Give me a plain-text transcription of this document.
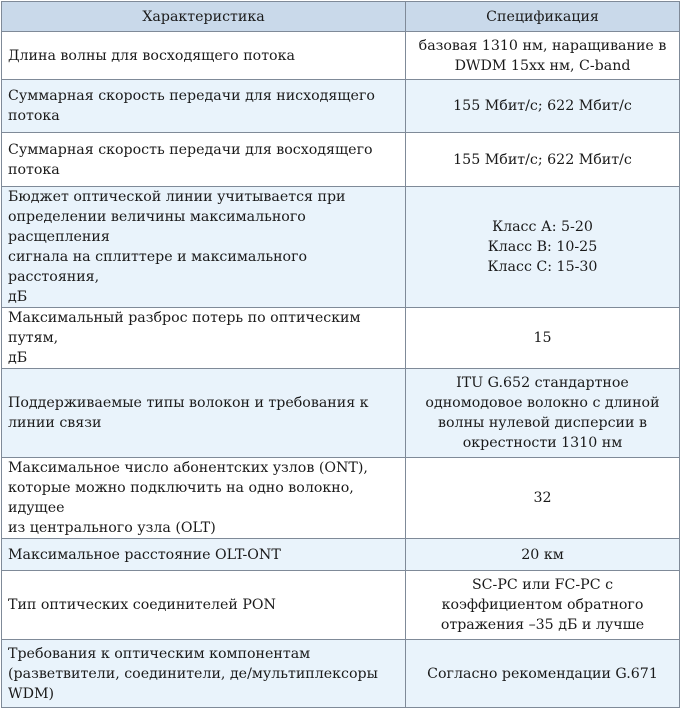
Характеристика	Спецификация

Длина волны для восходящего потока	базовая 1310 нм, наращивание в
DWDM 15хх нм, C-band

Суммарная скорость передачи для нисходящего
потока	155 Мбит/с; 622 Мбит/с

Суммарная скорость передачи для восходящего
потока	155 Мбит/с; 622 Мбит/с

Бюджет оптической линии учитывается при
определении величины максимального расщепления
сигнала на сплиттере и максимального расстояния,
дБ	Класс А: 5-20
Класс В: 10-25
Класс С: 15-30

Максимальный разброс потерь по оптическим путям,
дБ	15

Поддерживаемые типы волокон и требования к
линии связи	ITU G.652 стандартное
одномодовое волокно с длиной
волны нулевой дисперсии в
окрестности 1310 нм

Максимальное число абонентских узлов (ONT),
которые можно подключить на одно волокно, идущее
из центрального узла (OLT)	32

Максимальное расстояние OLT-ONT	20 км

Тип оптических соединителей PON	SC-PC или FC-PC с
коэффициентом обратного
отражения –35 дБ и лучше

Требования к оптическим компонентам
(разветвители, соединители, де/мультиплексоры
WDM)	Согласно рекомендации G.671
